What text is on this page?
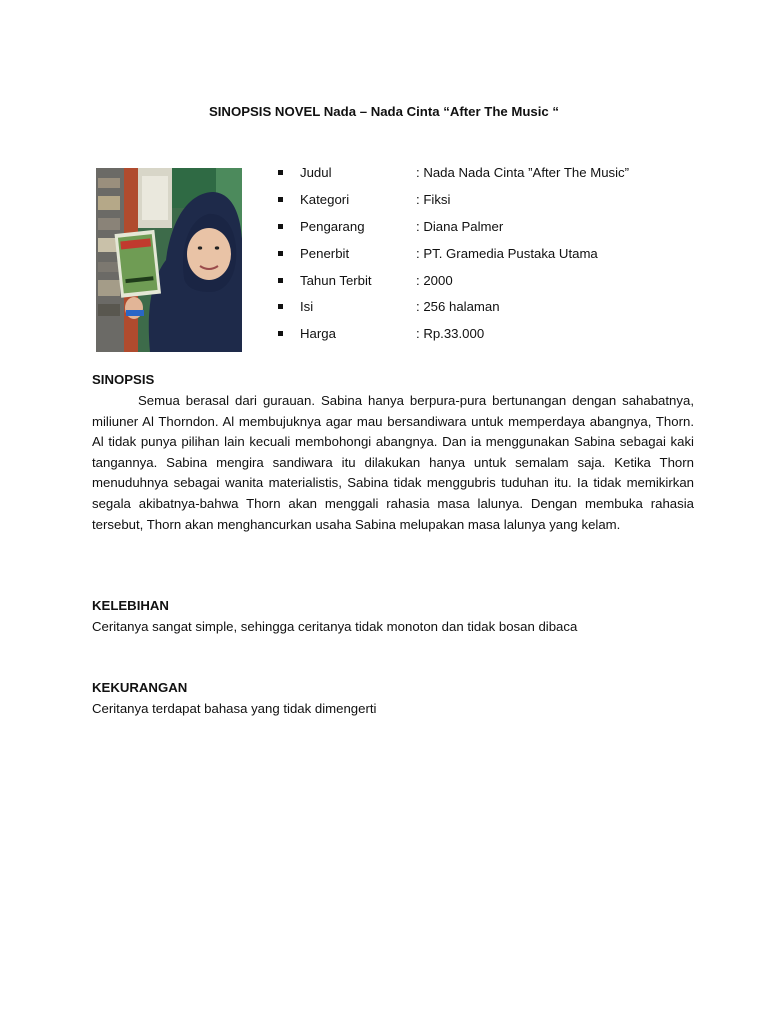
SINOPSIS NOVEL Nada – Nada Cinta “After The Music “
Judul	: Nada Nada Cinta ”After The Music”
Kategori	: Fiksi
Pengarang	: Diana Palmer
Penerbit	: PT. Gramedia Pustaka Utama
Tahun Terbit	: 2000
Isi	: 256 halaman
Harga	: Rp.33.000
SINOPSIS

Semua berasal dari gurauan. Sabina hanya berpura-pura bertunangan dengan sahabatnya, miliuner Al Thorndon. Al membujuknya agar mau bersandiwara untuk memperdaya abangnya, Thorn. Al tidak punya pilihan lain kecuali membohongi abangnya. Dan ia menggunakan Sabina sebagai kaki tangannya. Sabina mengira sandiwara itu dilakukan hanya untuk semalam saja. Ketika Thorn menuduhnya sebagai wanita materialistis, Sabina tidak menggubris tuduhan itu. Ia tidak memikirkan segala akibatnya-bahwa Thorn akan menggali rahasia masa lalunya. Dengan membuka rahasia tersebut, Thorn akan menghancurkan usaha Sabina melupakan masa lalunya yang kelam.

KELEBIHAN
Ceritanya sangat simple, sehingga ceritanya tidak monoton dan tidak bosan dibaca
KEKURANGAN
Ceritanya terdapat bahasa yang tidak dimengerti
